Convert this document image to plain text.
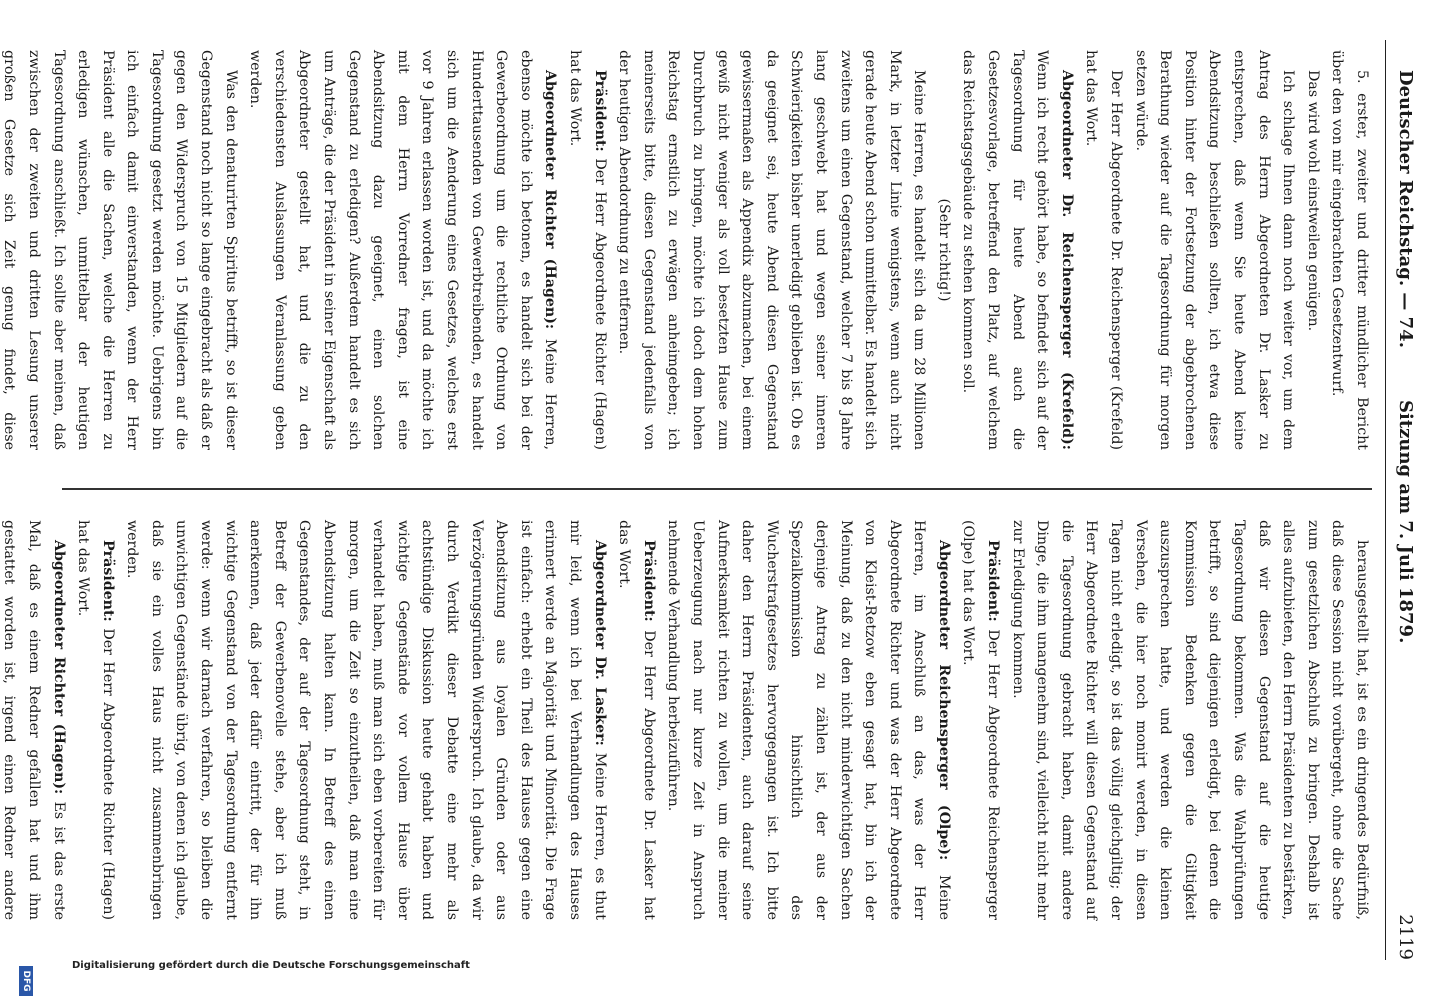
Deutscher Reichstag. — 74.
Sitzung am 7. Juli 1879.
2119

5. erster, zweiter und dritter mündlicher Bericht über den von mir eingebrachten Gesetzentwurf.

Das wird wohl einstweilen genügen.

Ich schlage Ihnen dann noch weiter vor, um dem Antrag des Herrn Abgeordneten Dr. Lasker zu entsprechen, daß wenn Sie heute Abend keine Abendsitzung beschließen sollten, ich etwa diese Position hinter der Fortsetzung der abgebrochenen Berathung wieder auf die Tagesordnung für morgen setzen würde.

Der Herr Abgeordnete Dr. Reichensperger (Krefeld) hat das Wort.

Abgeordneter Dr. Reichensperger (Krefeld): Wenn ich recht gehört habe, so befindet sich auf der Tagesordnung für heute Abend auch die Gesetzesvorlage, betreffend den Platz, auf welchem das Reichstagsgebäude zu stehen kommen soll.

(Sehr richtig!)

Meine Herren, es handelt sich da um 28 Millionen Mark, in letzter Linie wenigstens, wenn auch nicht gerade heute Abend schon unmittelbar. Es handelt sich zweitens um einen Gegenstand, welcher 7 bis 8 Jahre lang geschwebt hat und wegen seiner inneren Schwierigkeiten bisher unerledigt geblieben ist. Ob es da geeignet sei, heute Abend diesen Gegenstand gewissermaßen als Appendix abzumachen, bei einem gewiß nicht weniger als voll besetzten Hause zum Durchbruch zu bringen, möchte ich doch dem hohen Reichstag ernstlich zu erwägen anheimgeben; ich meinerseits bitte, diesen Gegenstand jedenfalls von der heutigen Abendordnung zu entfernen.

Präsident: Der Herr Abgeordnete Richter (Hagen) hat das Wort.

Abgeordneter Richter (Hagen): Meine Herren, ebenso möchte ich betonen, es handelt sich bei der Gewerbeordnung um die rechtliche Ordnung von Hunderttausenden von Gewerbtreibenden, es handelt sich um die Aenderung eines Gesetzes, welches erst vor 9 Jahren erlassen worden ist, und da möchte ich mit dem Herrn Vorredner fragen, ist eine Abendsitzung dazu geeignet, einen solchen Gegenstand zu erledigen? Außerdem handelt es sich um Anträge, die der Präsident in seiner Eigenschaft als Abgeordneter gestellt hat, und die zu den verschiedensten Auslassungen Veranlassung geben werden.

Was den denaturirten Spiritus betrifft, so ist dieser Gegenstand noch nicht so lange eingebracht als daß er gegen den Widerspruch von 15 Mitgliedern auf die Tagesordnung gesetzt werden möchte. Uebrigens bin ich einfach damit einverstanden, wenn der Herr Präsident alle die Sachen, welche die Herren zu erledigen wünschen, unmittelbar der heutigen Tagesordnung anschließt. Ich sollte aber meinen, daß zwischen der zweiten und dritten Lesung unserer großen Gesetze sich Zeit genug findet, diese

herausgestellt hat, ist es ein dringendes Bedürfniß, daß diese Session nicht vorübergeht, ohne die Sache zum gesetzlichen Abschluß zu bringen. Deshalb ist alles aufzubieten, den Herrn Präsidenten zu bestärken, daß wir diesen Gegenstand auf die heutige Tagesordnung bekommen. Was die Wahlprüfungen betrifft, so sind diejenigen erledigt, bei denen die Kommission Bedenken gegen die Giltigkeit auszusprechen hatte, und werden die kleinen Versehen, die hier noch monirt werden, in diesen Tagen nicht erledigt, so ist das völlig gleichgiltig; der Herr Abgeordnete Richter will diesen Gegenstand auf die Tagesordnung gebracht haben, damit andere Dinge, die ihm unangenehm sind, vielleicht nicht mehr zur Erledigung kommen.

Präsident: Der Herr Abgeordnete Reichensperger (Olpe) hat das Wort.

Abgeordneter Reichensperger (Olpe): Meine Herren, im Anschluß an das, was der Herr Abgeordnete Richter und was der Herr Abgeordnete von Kleist-Retzow eben gesagt hat, bin ich der Meinung, daß zu den nicht minderwichtigen Sachen derjenige Antrag zu zählen ist, der aus der Spezialkommission hinsichtlich des Wucherstrafgesetzes hervorgegangen ist. Ich bitte daher den Herrn Präsidenten, auch darauf seine Aufmerksamkeit richten zu wollen, um die meiner Ueberzeugung nach nur kurze Zeit in Anspruch nehmende Verhandlung herbeizuführen.

Präsident: Der Herr Abgeordnete Dr. Lasker hat das Wort.

Abgeordneter Dr. Lasker: Meine Herren, es thut mir leid, wenn ich bei Verhandlungen des Hauses erinnert werde an Majorität und Minorität. Die Frage ist einfach: erhebt ein Theil des Hauses gegen eine Abendsitzung aus loyalen Gründen oder aus Verzögerungsgründen Widerspruch. Ich glaube, da wir durch Verdikt dieser Debatte eine mehr als achtstündige Diskussion heute gehabt haben und wichtige Gegenstände vor vollem Hause über verhandelt haben, muß man sich eben vorbereiten für morgen, um die Zeit so einzutheilen, daß man eine Abendsitzung halten kann. In Betreff des einen Gegenstandes, der auf der Tagesordnung steht, in Betreff der Gewerbenovelle stehe, aber ich muß anerkennen, daß jeder dafür eintritt, der für ihn wichtige Gegenstand von der Tagesordnung entfernt werde: wenn wir darnach verfahren, so bleiben die unwichtigen Gegenstände übrig, von denen ich glaube, daß sie ein volles Haus nicht zusammenbringen werden.

Präsident: Der Herr Abgeordnete Richter (Hagen) hat das Wort.

Abgeordneter Richter (Hagen): Es ist das erste Mal, daß es einem Redner gefallen hat und ihm gestattet worden ist, irgend einen Redner andere

Digitalisierung gefördert durch die Deutsche Forschungsgemeinschaft
DFG
